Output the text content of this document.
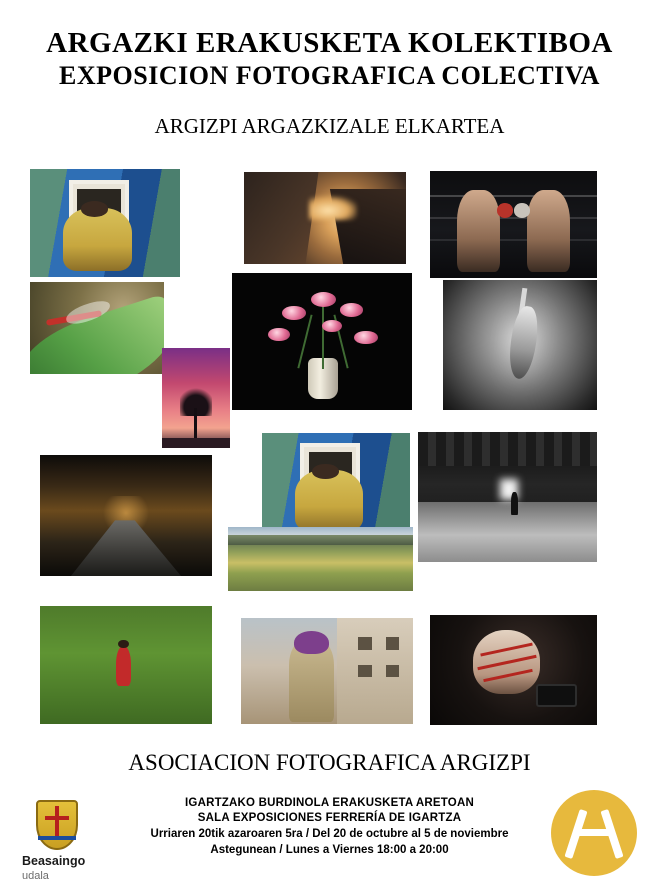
ARGAZKI ERAKUSKETA KOLEKTIBOA
EXPOSICION FOTOGRAFICA COLECTIVA
ARGIZPI ARGAZKIZALE ELKARTEA
ASOCIACION FOTOGRAFICA ARGIZPI
IGARTZAKO BURDINOLA ERAKUSKETA ARETOAN
SALA EXPOSICIONES FERRERÍA DE IGARTZA
Urriaren 20tik azaroaren 5ra / Del 20 de octubre al 5 de noviembre
Astegunean / Lunes a Viernes 18:00 a 20:00
Beasaingo udala
